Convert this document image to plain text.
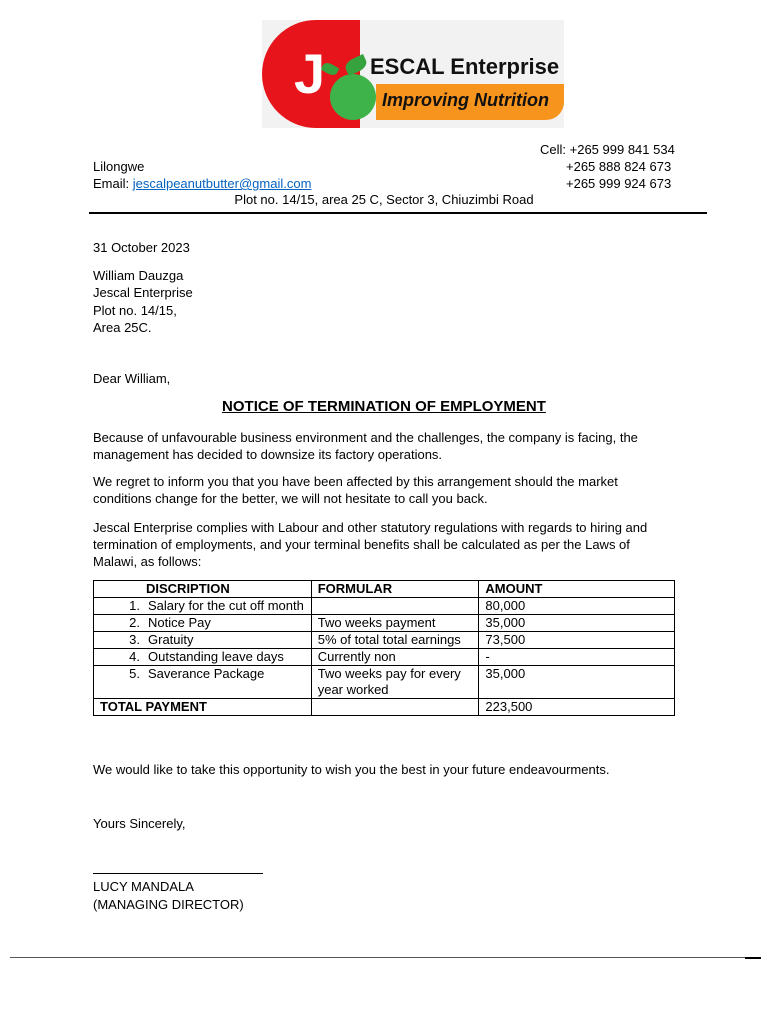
J ESCAL Enterprise
Improving Nutrition
Cell: +265 999 841 534
+265 888 824 673
+265 999 924 673
Lilongwe
Email: jescalpeanutbutter@gmail.com
Plot no. 14/15, area 25 C, Sector 3, Chiuzimbi Road
31 October 2023
William Dauzga
Jescal Enterprise
Plot no. 14/15,
Area 25C.
Dear William,
NOTICE OF TERMINATION OF EMPLOYMENT
Because of unfavourable business environment and the challenges, the company is facing, the management has decided to downsize its factory operations.
We regret to inform you that you have been affected by this arrangement should the market conditions change for the better, we will not hesitate to call you back.
Jescal Enterprise complies with Labour and other statutory regulations with regards to hiring and termination of employments, and your terminal benefits shall be calculated as per the Laws of Malawi, as follows:
DISCRIPTION	FORMULAR	AMOUNT

1. Salary for the cut off month		80,000

2. Notice Pay	Two weeks payment	35,000

3. Gratuity	5% of total total earnings	73,500

4. Outstanding leave days	Currently non	-

5. Saverance Package	Two weeks pay for every year worked	35,000
TOTAL PAYMENT		223,500
We would like to take this opportunity to wish you the best in your future endeavourments.
Yours Sincerely,
LUCY MANDALA
(MANAGING DIRECTOR)
